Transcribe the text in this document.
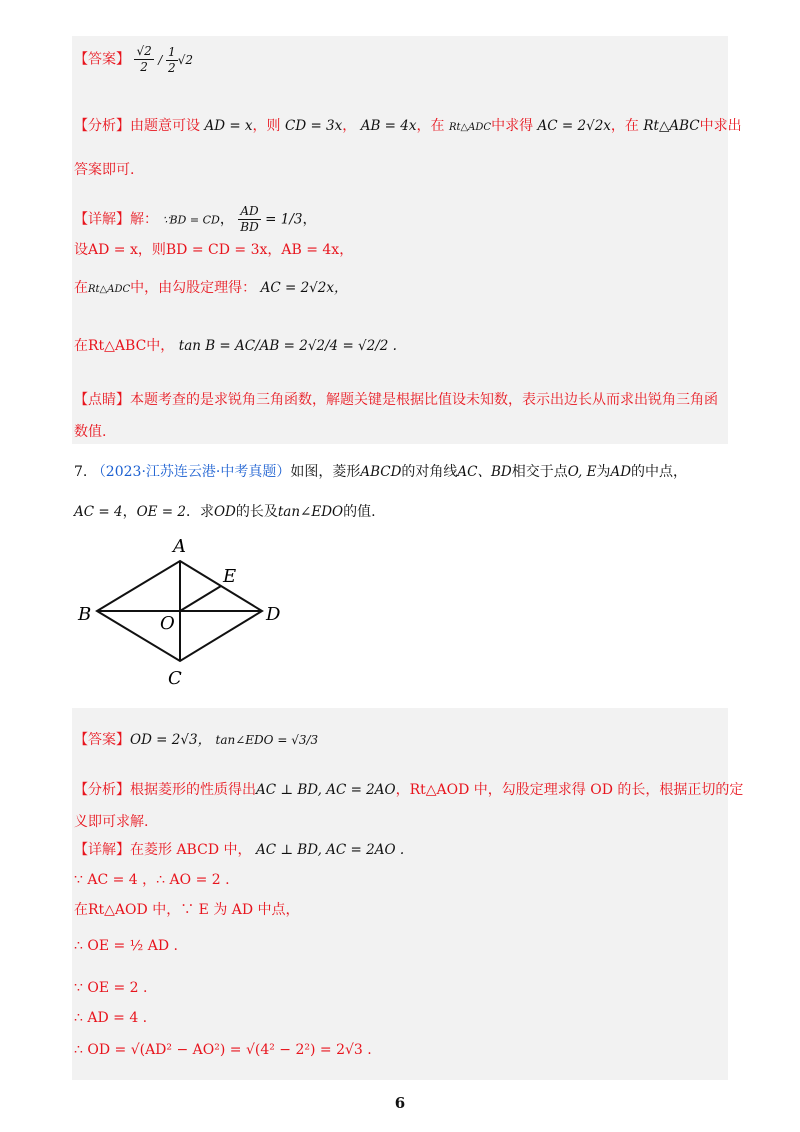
【答案】 $\frac{√2}{2} / \frac{1}{2} √2$
【分析】由题意可设 AD = x，则 CD = 3x， AB = 4x，在 Rt△ADC中求得 AC = 2√2x，在 Rt△ABC中求出
答案即可.
【详解】解： ∵BD = CD， $\frac{AD}{BD} = 1/3$，
设AD = x，则BD = CD = 3x，AB = 4x，
在Rt△ADC中，由勾股定理得： AC = 2√2x，
在Rt△ABC中， tan B = AC/AB = 2√2/4 = √2/2 .
【点睛】本题考查的是求锐角三角函数，解题关键是根据比值设未知数，表示出边长从而求出锐角三角函
数值.
7. （2023·江苏连云港·中考真题）如图，菱形ABCD的对角线AC、BD相交于点O, E为AD的中点，
AC = 4，OE = 2．求OD的长及tan∠EDO的值.
A
B
C
D
E
O
【答案】OD = 2√3， tan∠EDO = √3/3
【分析】根据菱形的性质得出AC ⊥ BD, AC = 2AO，Rt△AOD 中，勾股定理求得 OD 的长，根据正切的定
义即可求解.
【详解】在菱形 ABCD 中， AC ⊥ BD, AC = 2AO .
∵ AC = 4 ，∴ AO = 2 .
在Rt△AOD 中，∵ E 为 AD 中点，
∴ OE = ½ AD .
∵ OE = 2 .
∴ AD = 4 .
∴ OD = √(AD² − AO²) = √(4² − 2²) = 2√3 .
6
